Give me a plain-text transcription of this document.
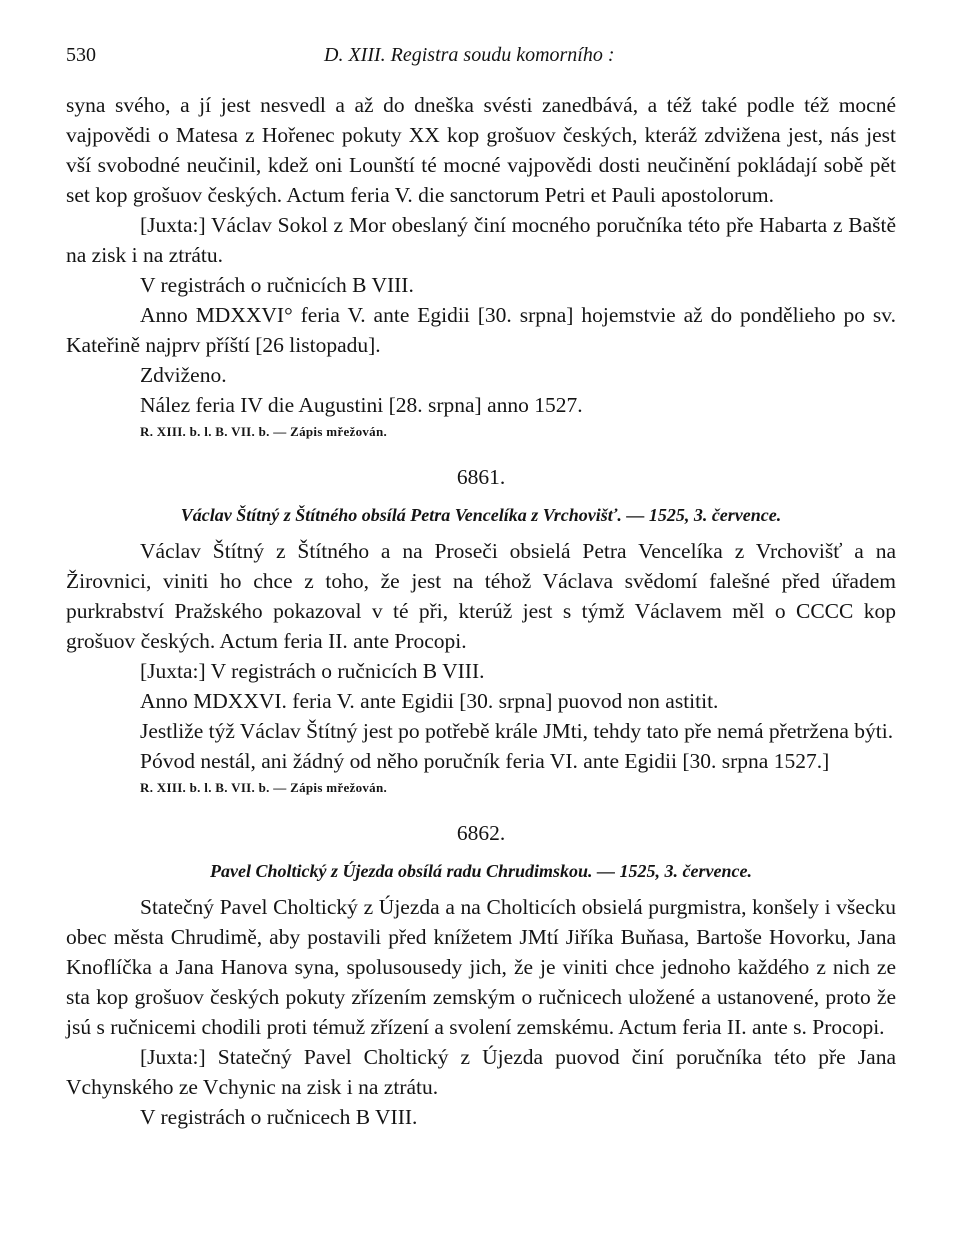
530	D. XIII. Registra soudu komorního :

syna svého, a jí jest nesvedl a až do dneška svésti zanedbává, a též také podle též mocné vajpovědi o Matesa z Hořenec pokuty XX kop grošuov českých, kteráž zdvižena jest, nás jest vší svobodné neučinil, kdež oni Lounští té mocné vajpovědi dosti neučinění pokládají sobě pět set kop grošuov českých. Actum feria V. die sanctorum Petri et Pauli apostolorum.

[Juxta:] Václav Sokol z Mor obeslaný činí mocného poručníka této pře Habarta z Baště na zisk i na ztrátu.

V registrách o ručnicích B VIII.

Anno MDXXVI° feria V. ante Egidii [30. srpna] hojemstvie až do pondělieho po sv. Kateřině najprv příští [26 listopadu].

Zdviženo.

Nález feria IV die Augustini [28. srpna] anno 1527.

R. XIII. b. l. B. VII. b. — Zápis mřežován.
6861.
Václav Štítný z Štítného obsílá Petra Vencelíka z Vrchovišť. — 1525, 3. července.

Václav Štítný z Štítného a na Proseči obsielá Petra Vencelíka z Vrchovišť a na Žirovnici, viniti ho chce z toho, že jest na téhož Václava svědomí falešné před úřadem purkrabství Pražského pokazoval v té při, kterúž jest s týmž Václavem měl o CCCC kop grošuov českých. Actum feria II. ante Procopi.

[Juxta:] V registrách o ručnicích B VIII.

Anno MDXXVI. feria V. ante Egidii [30. srpna] puovod non astitit.

Jestliže týž Václav Štítný jest po potřebě krále JMti, tehdy tato pře nemá přetržena býti.

Póvod nestál, ani žádný od něho poručník feria VI. ante Egidii [30. srpna 1527.]

R. XIII. b. l. B. VII. b. — Zápis mřežován.
6862.
Pavel Choltický z Újezda obsílá radu Chrudimskou. — 1525, 3. července.

Statečný Pavel Choltický z Újezda a na Cholticích obsielá purgmistra, konšely i všecku obec města Chrudimě, aby postavili před knížetem JMtí Jiříka Buňasa, Bartoše Hovorku, Jana Knoflíčka a Jana Hanova syna, spolusousedy jich, že je viniti chce jednoho každého z nich ze sta kop grošuov českých pokuty zřízením zemským o ručnicech uložené a ustanovené, proto že jsú s ručnicemi chodili proti témuž zřízení a svolení zemskému. Actum feria II. ante s. Procopi.

[Juxta:] Statečný Pavel Choltický z Újezda puovod činí poručníka této pře Jana Vchynského ze Vchynic na zisk i na ztrátu.

V registrách o ručnicech B VIII.
